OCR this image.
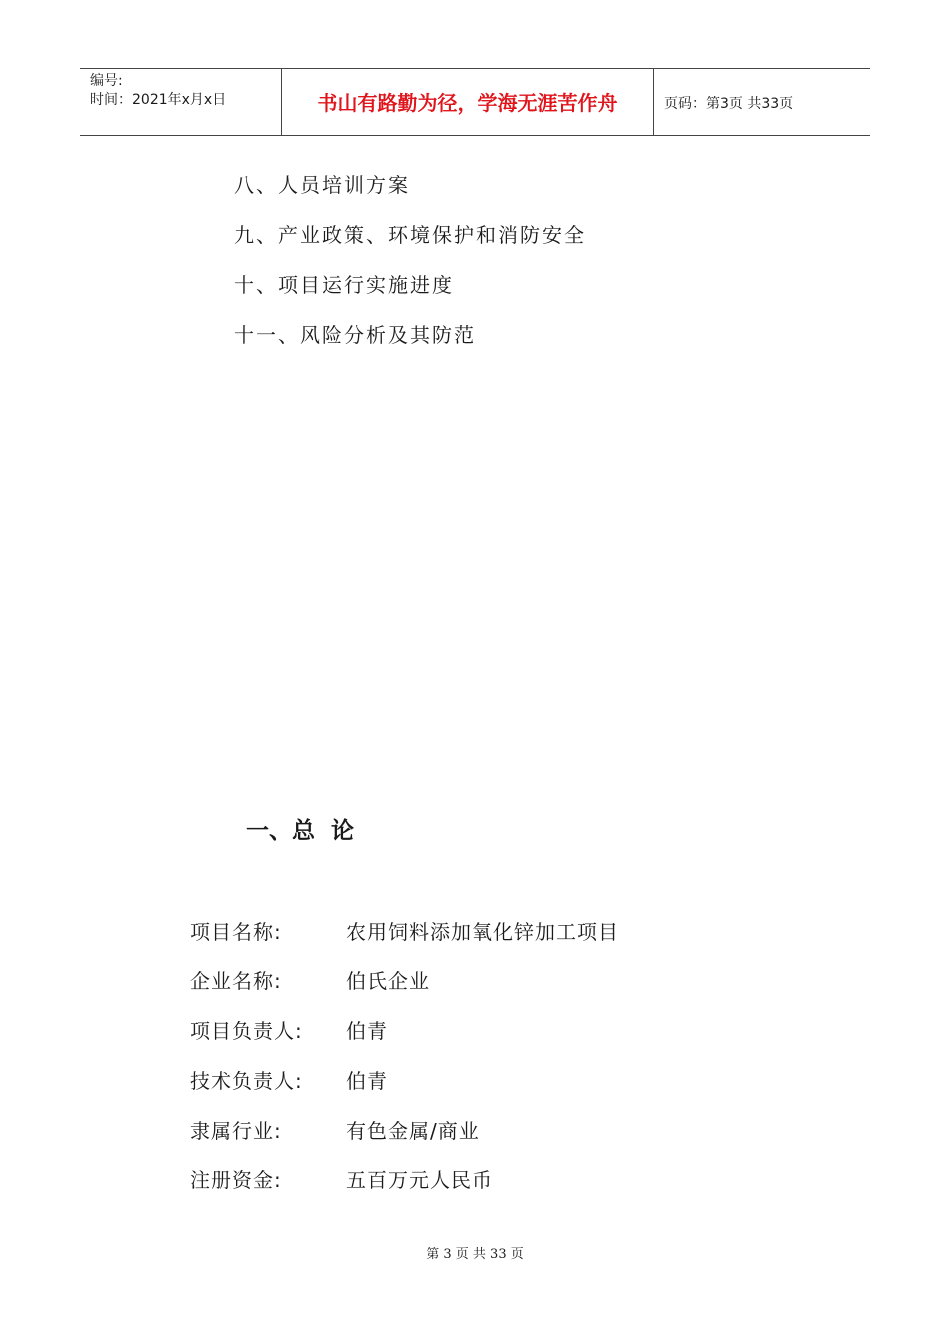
编号:
时间：2021年x月x日	书山有路勤为径，学海无涯苦作舟	页码：第3页 共33页
八、人员培训方案
九、产业政策、环境保护和消防安全
十、项目运行实施进度
十一、风险分析及其防范
一、总  论
项目名称:	农用饲料添加氧化锌加工项目
企业名称:	伯氏企业
项目负责人: 伯青
技术负责人: 伯青
隶属行业:	有色金属/商业
注册资金:	五百万元人民币
第 3 页 共 33 页
